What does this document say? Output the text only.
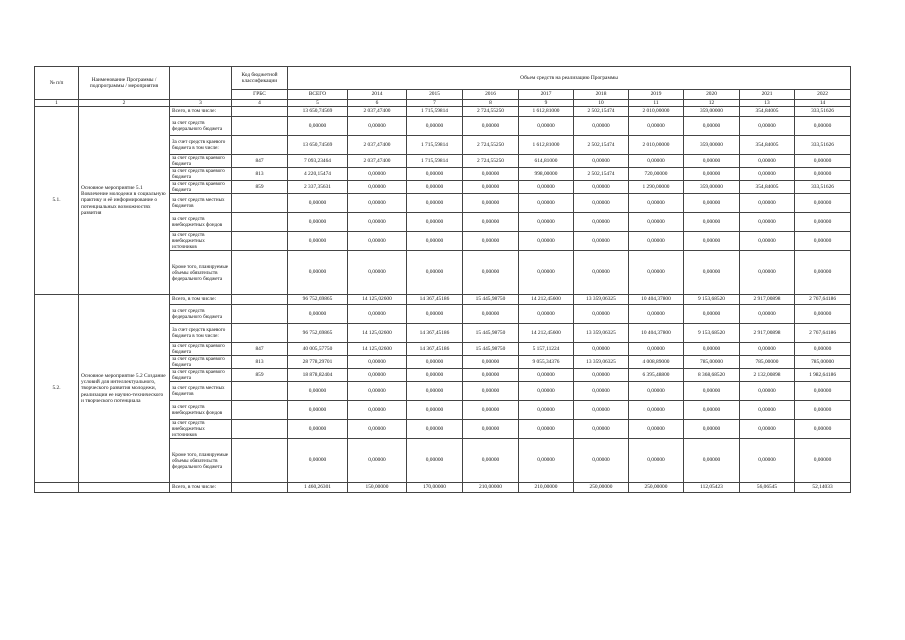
№ п/п	Наименование Программы / подпрограммы / мероприятия		Код бюджетной классификации	Объем средств на реализацию Программы									
			ГРБС	ВСЕГО	2014	2015	2016	2017	2018	2019	2020	2021	2022
1	2	3	4	5	6	7	8	9	10	11	12	13	14
5.1.	Основное мероприятие 5.1 Вовлечение молодежи в социальную практику и её информирование о потенциальных возможностях развития	Всего, в том числе:		13 650,74569	2 037,47400	1 715,59814	2 724,55250	1 612,81000	2 502,15474	2 010,00000	359,00000	354,84005	333,51626
		за счет средств федерального бюджета		0,00000	0,00000	0,00000	0,00000	0,00000	0,00000	0,00000	0,00000	0,00000	0,00000
		За счет средств краевого бюджета в том числе:		13 650,74569	2 037,47400	1 715,59814	2 724,55250	1 612,81000	2 502,15474	2 010,00000	359,00000	354,84005	333,51626
		за счет средств краевого бюджета	847	7 093,23464	2 037,47400	1 715,59814	2 724,55250	614,81000	0,00000	0,00000	0,00000	0,00000	0,00000
		за счет средств краевого бюджета	813	4 220,15474	0,00000	0,00000	0,00000	998,00000	2 502,15474	720,00000	0,00000	0,00000	0,00000
		за счет средств краевого бюджета	859	2 337,35631	0,00000	0,00000	0,00000	0,00000	0,00000	1 290,00000	359,00000	354,84005	333,51626
		за счет средств местных бюджетов		0,00000	0,00000	0,00000	0,00000	0,00000	0,00000	0,00000	0,00000	0,00000	0,00000
		за счет средств внебюджетных фондов		0,00000	0,00000	0,00000	0,00000	0,00000	0,00000	0,00000	0,00000	0,00000	0,00000
		за счет средств внебюджетных источников		0,00000	0,00000	0,00000	0,00000	0,00000	0,00000	0,00000	0,00000	0,00000	0,00000
		Кроме того, планируемые объемы обязательств федерального бюджета		0,00000	0,00000	0,00000	0,00000	0,00000	0,00000	0,00000	0,00000	0,00000	0,00000
5.2.	Основное мероприятие 5.2 Создание условий для интеллектуального, творческого развития молодежи, реализации ее научно-технического и творческого потенциала	Всего, в том числе:		96 752,69865	14 125,02600	14 367,45186	15 445,98750	14 212,45600	13 359,06325	10 404,37800	9 153,68520	2 917,00898	2 767,64186
		за счет средств федерального бюджета		0,00000	0,00000	0,00000	0,00000	0,00000	0,00000	0,00000	0,00000	0,00000	0,00000
		За счет средств краевого бюджета в том числе:		96 752,69865	14 125,02600	14 367,45186	15 445,98750	14 212,45600	13 359,06325	10 404,37800	9 153,68520	2 917,00898	2 767,64186
		за счет средств краевого бюджета	847	40 005,57750	14 125,02600	14 367,45186	15 445,98750	5 157,11224	0,00000	0,00000	0,00000	0,00000	0,00000
		за счет средств краевого бюджета	813	28 778,29701	0,00000	0,00000	0,00000	9 055,34376	13 359,06325	4 008,89000	785,00000	785,00000	785,00000
		за счет средств краевого бюджета	859	18 878,82404	0,00000	0,00000	0,00000	0,00000	0,00000	6 395,48800	8 368,68520	2 132,00898	1 982,64186
		за счет средств местных бюджетов		0,00000	0,00000	0,00000	0,00000	0,00000	0,00000	0,00000	0,00000	0,00000	0,00000
		за счет средств внебюджетных фондов		0,00000	0,00000	0,00000	0,00000	0,00000	0,00000	0,00000	0,00000	0,00000	0,00000
		за счет средств внебюджетных источников		0,00000	0,00000	0,00000	0,00000	0,00000	0,00000	0,00000	0,00000	0,00000	0,00000
		Кроме того, планируемые объемы обязательств федерального бюджета		0,00000	0,00000	0,00000	0,00000	0,00000	0,00000	0,00000	0,00000	0,00000	0,00000
		Всего, в том числе:		1 460,26301	150,00000	170,00000	210,00000	210,00000	250,00000	250,00000	112,05423	56,06545	52,14033
